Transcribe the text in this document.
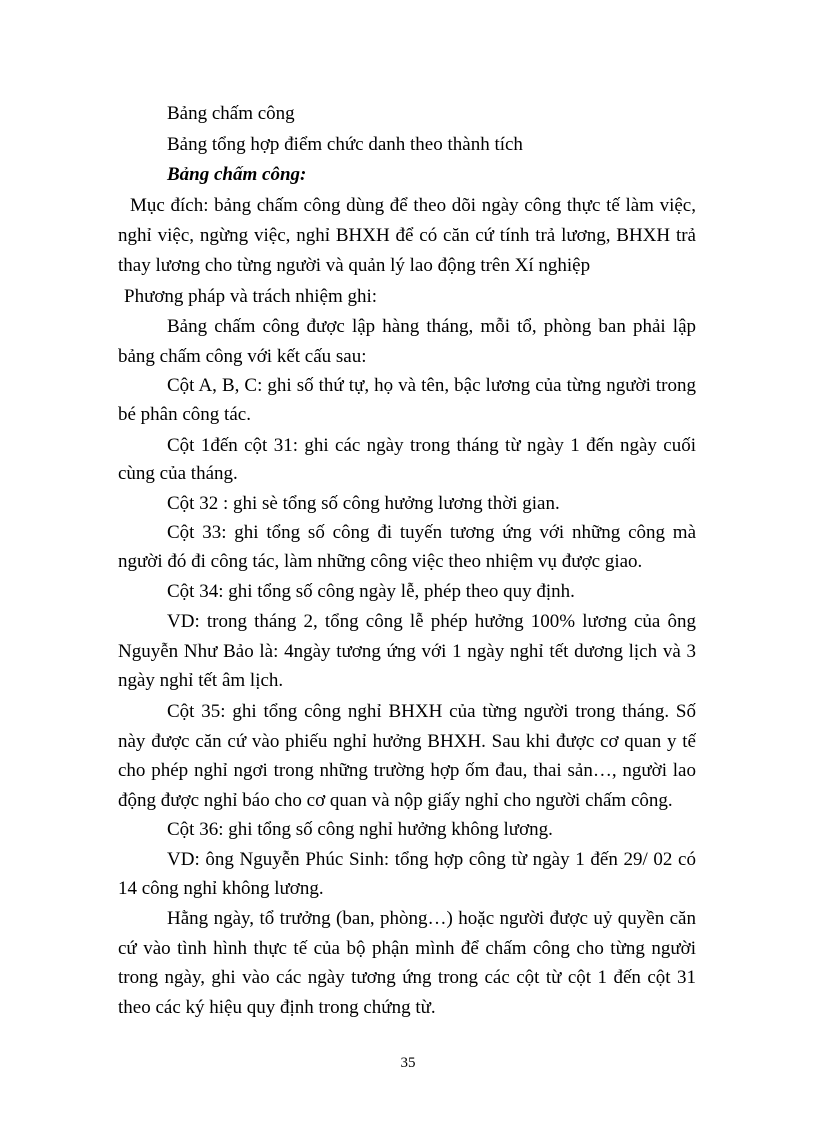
Bảng chấm công
Bảng tổng hợp điểm chức danh theo thành tích
Bảng chấm công:
Mục đích: bảng chấm công dùng để theo dõi ngày công thực tế làm việc,
nghỉ việc, ngừng việc, nghỉ BHXH để có căn cứ tính trả lương, BHXH trả
thay lương cho từng người và quản lý lao động trên Xí nghiệp
Phương pháp và trách nhiệm ghi:
Bảng chấm công được lập hàng tháng, mỗi tổ, phòng ban phải lập
bảng chấm công với kết cấu sau:
Cột A, B, C: ghi số thứ tự, họ và tên, bậc lương của từng người trong
bé phân công tác.
Cột 1đến cột 31: ghi các ngày trong tháng từ ngày 1 đến ngày cuối
cùng của tháng.
Cột 32 : ghi sè tổng số công hưởng lương thời gian.
Cột 33: ghi tổng số công đi tuyến tương ứng với những công mà
người đó đi công tác, làm những công việc theo nhiệm vụ được giao.
Cột 34: ghi tổng số công ngày lễ, phép theo quy định.
VD: trong tháng 2, tổng công lễ phép hưởng 100% lương của ông
Nguyễn Như Bảo là: 4ngày tương ứng với 1 ngày nghỉ tết dương lịch và 3
ngày nghỉ tết âm lịch.
Cột 35: ghi tổng công nghỉ BHXH của từng người trong tháng. Số
này được căn cứ vào phiếu nghỉ hưởng BHXH. Sau khi được cơ quan y tế
cho phép nghỉ ngơi trong những trường hợp ốm đau, thai sản…, người lao
động được nghỉ báo cho cơ quan và nộp giấy nghỉ cho người chấm công.
Cột 36: ghi tổng số công nghỉ hưởng không lương.
VD: ông Nguyễn Phúc Sinh: tổng hợp công từ ngày 1 đến 29/ 02 có
14 công nghỉ không lương.
Hằng ngày, tổ trưởng (ban, phòng…) hoặc người được uỷ quyền căn
cứ vào tình hình thực tế của bộ phận mình để chấm công cho từng người
trong ngày, ghi vào các ngày tương ứng trong các cột từ cột 1 đến cột 31
theo các ký hiệu quy định trong chứng từ.
35
